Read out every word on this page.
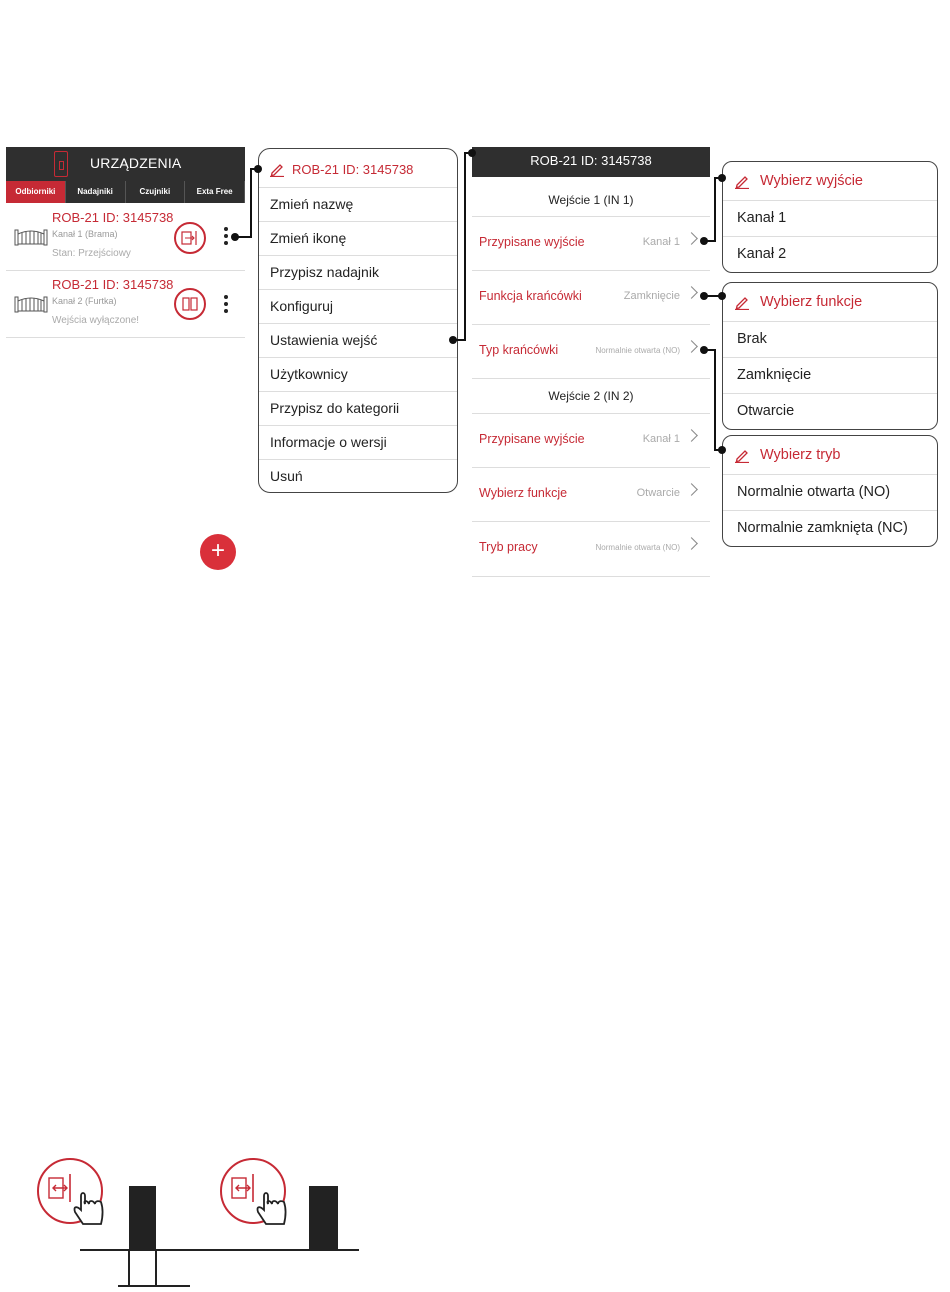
URZĄDZENIA
Odbiorniki	Nadajniki	Czujniki	Exta Free
ROB-21 ID: 3145738
Kanał 1 (Brama)
Stan: Przejściowy
ROB-21 ID: 3145738
Kanał 2 (Furtka)
Wejścia wyłączone!
+
ROB-21 ID: 3145738
Zmień nazwę
Zmień ikonę
Przypisz nadajnik
Konfiguruj
Ustawienia wejść
Użytkownicy
Przypisz do kategorii
Informacje o wersji
Usuń
ROB-21 ID: 3145738
Wejście 1 (IN 1)
Przypisane wyjście	Kanał 1
Funkcja krańcówki	Zamknięcie
Typ krańcówki	Normalnie otwarta (NO)
Wejście 2 (IN 2)
Przypisane wyjście	Kanał 1
Wybierz funkcje	Otwarcie
Tryb pracy	Normalnie otwarta (NO)
Wybierz wyjście
Kanał 1
Kanał 2
Wybierz funkcje
Brak
Zamknięcie
Otwarcie
Wybierz tryb
Normalnie otwarta (NO)
Normalnie zamknięta (NC)
